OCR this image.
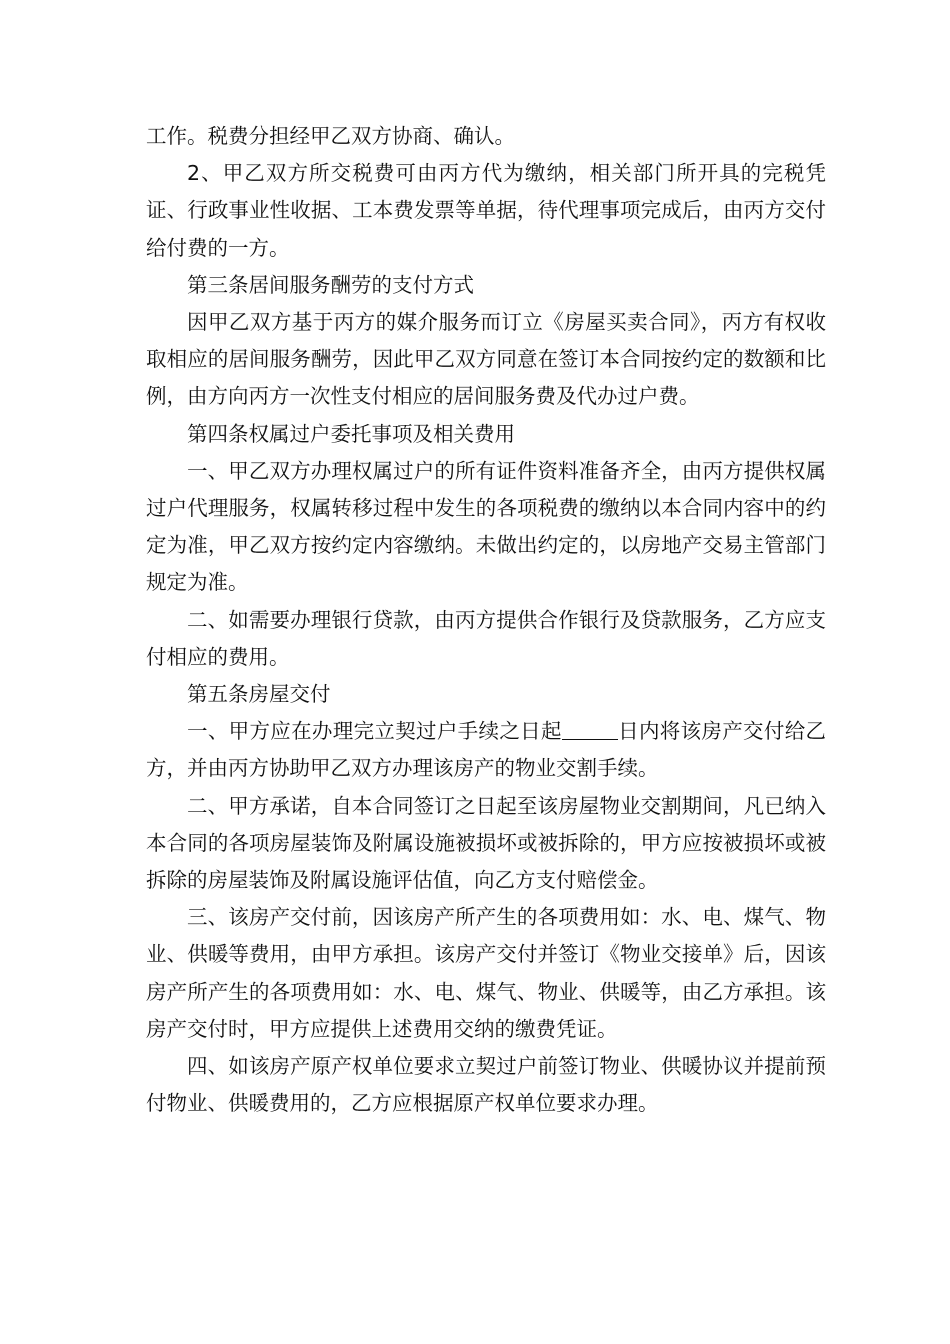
工作。税费分担经甲乙双方协商、确认。

2、甲乙双方所交税费可由丙方代为缴纳，相关部门所开具的完税凭证、行政事业性收据、工本费发票等单据，待代理事项完成后，由丙方交付给付费的一方。

第三条居间服务酬劳的支付方式

因甲乙双方基于丙方的媒介服务而订立《房屋买卖合同》，丙方有权收取相应的居间服务酬劳，因此甲乙双方同意在签订本合同按约定的数额和比例，由方向丙方一次性支付相应的居间服务费及代办过户费。

第四条权属过户委托事项及相关费用

一、甲乙双方办理权属过户的所有证件资料准备齐全，由丙方提供权属过户代理服务，权属转移过程中发生的各项税费的缴纳以本合同内容中的约定为准，甲乙双方按约定内容缴纳。未做出约定的，以房地产交易主管部门规定为准。

二、如需要办理银行贷款，由丙方提供合作银行及贷款服务，乙方应支付相应的费用。

第五条房屋交付

一、甲方应在办理完立契过户手续之日起	日内将该房产交付给乙方，并由丙方协助甲乙双方办理该房产的物业交割手续。

二、甲方承诺，自本合同签订之日起至该房屋物业交割期间，凡已纳入本合同的各项房屋装饰及附属设施被损坏或被拆除的，甲方应按被损坏或被拆除的房屋装饰及附属设施评估值，向乙方支付赔偿金。

三、该房产交付前，因该房产所产生的各项费用如：水、电、煤气、物业、供暖等费用，由甲方承担。该房产交付并签订《物业交接单》后，因该房产所产生的各项费用如：水、电、煤气、物业、供暖等，由乙方承担。该房产交付时，甲方应提供上述费用交纳的缴费凭证。

四、如该房产原产权单位要求立契过户前签订物业、供暖协议并提前预付物业、供暖费用的，乙方应根据原产权单位要求办理。
